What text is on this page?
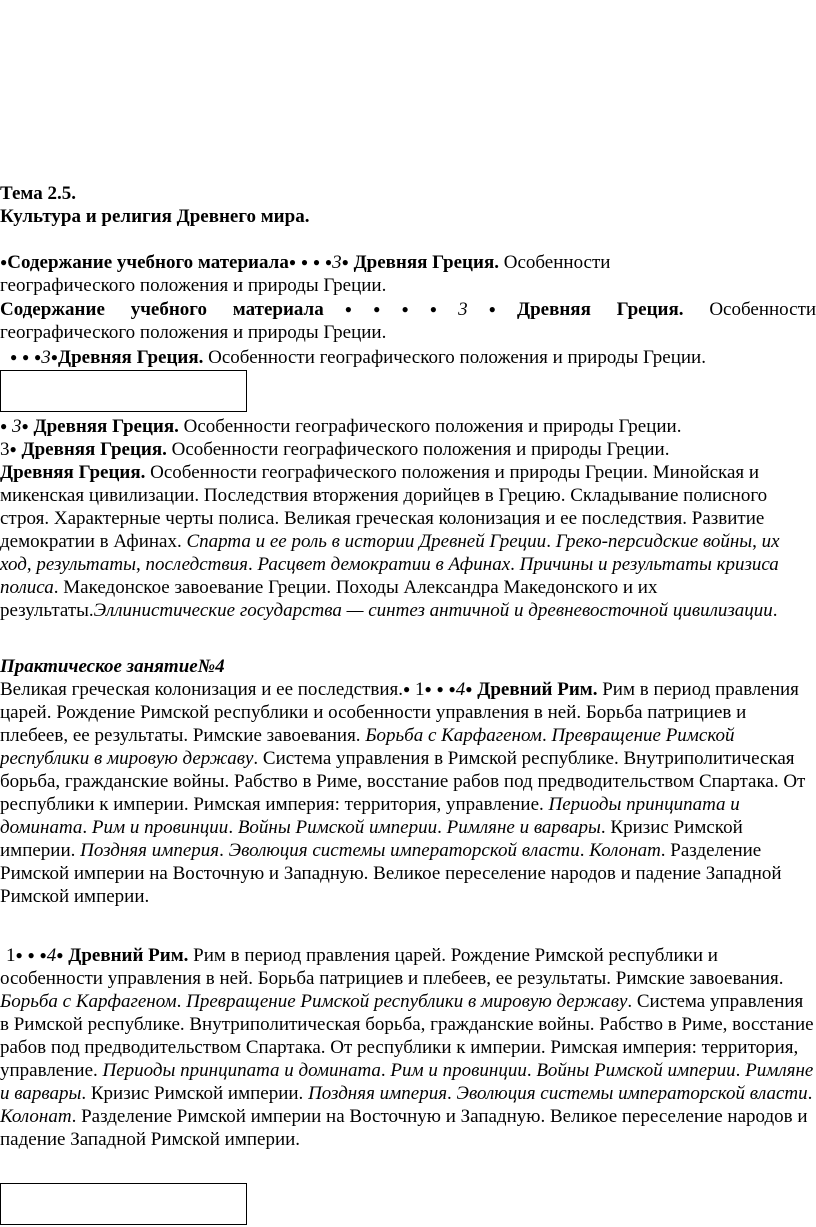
Тема 2.5.
Культура и религия Древнего мира.
●Содержание учебного материала● ● ● ●3● Древняя Греция. Особенности
географического положения и природы Греции.
Содержание учебного материала●●●●3●Древняя Греция. Особенности
географического положения и природы Греции.
● ● ●3●Древняя Греция. Особенности географического положения и природы Греции.
● 3● Древняя Греция. Особенности географического положения и природы Греции.
3● Древняя Греция. Особенности географического положения и природы Греции.
Древняя Греция. Особенности географического положения и природы Греции. Минойская и микенская цивилизации. Последствия вторжения дорийцев в Грецию. Складывание полисного строя. Характерные черты полиса. Великая греческая колонизация и ее последствия. Развитие демократии в Афинах. Спарта и ее роль в истории Древней Греции. Греко-персидские войны, их ход, результаты, последствия. Расцвет демократии в Афинах. Причины и результаты кризиса полиса. Македонское завоевание Греции. Походы Александра Македонского и их результаты.Эллинистические государства — синтез античной и древневосточной цивилизации.
Практическое занятие№4
Великая греческая колонизация и ее последствия.● 1● ● ●4● Древний Рим. Рим в период правления царей. Рождение Римской республики и особенности управления в ней. Борьба патрициев и плебеев, ее результаты. Римские завоевания. Борьба с Карфагеном. Превращение Римской республики в мировую державу. Система управления в Римской республике. Внутриполитическая борьба, гражданские войны. Рабство в Риме, восстание рабов под предводительством Спартака. От республики к империи. Римская империя: территория, управление. Периоды принципата и домината. Рим и провинции. Войны Римской империи. Римляне и варвары. Кризис Римской империи. Поздняя империя. Эволюция системы императорской власти. Колонат. Разделение Римской империи на Восточную и Западную. Великое переселение народов и падение Западной Римской империи.
1● ● ●4● Древний Рим. Рим в период правления царей. Рождение Римской республики и особенности управления в ней. Борьба патрициев и плебеев, ее результаты. Римские завоевания. Борьба с Карфагеном. Превращение Римской республики в мировую державу. Система управления в Римской республике. Внутриполитическая борьба, гражданские войны. Рабство в Риме, восстание рабов под предводительством Спартака. От республики к империи. Римская империя: территория, управление. Периоды принципата и домината. Рим и провинции. Войны Римской империи. Римляне и варвары. Кризис Римской империи. Поздняя империя. Эволюция системы императорской власти. Колонат. Разделение Римской империи на Восточную и Западную. Великое переселение народов и падение Западной Римской империи.
